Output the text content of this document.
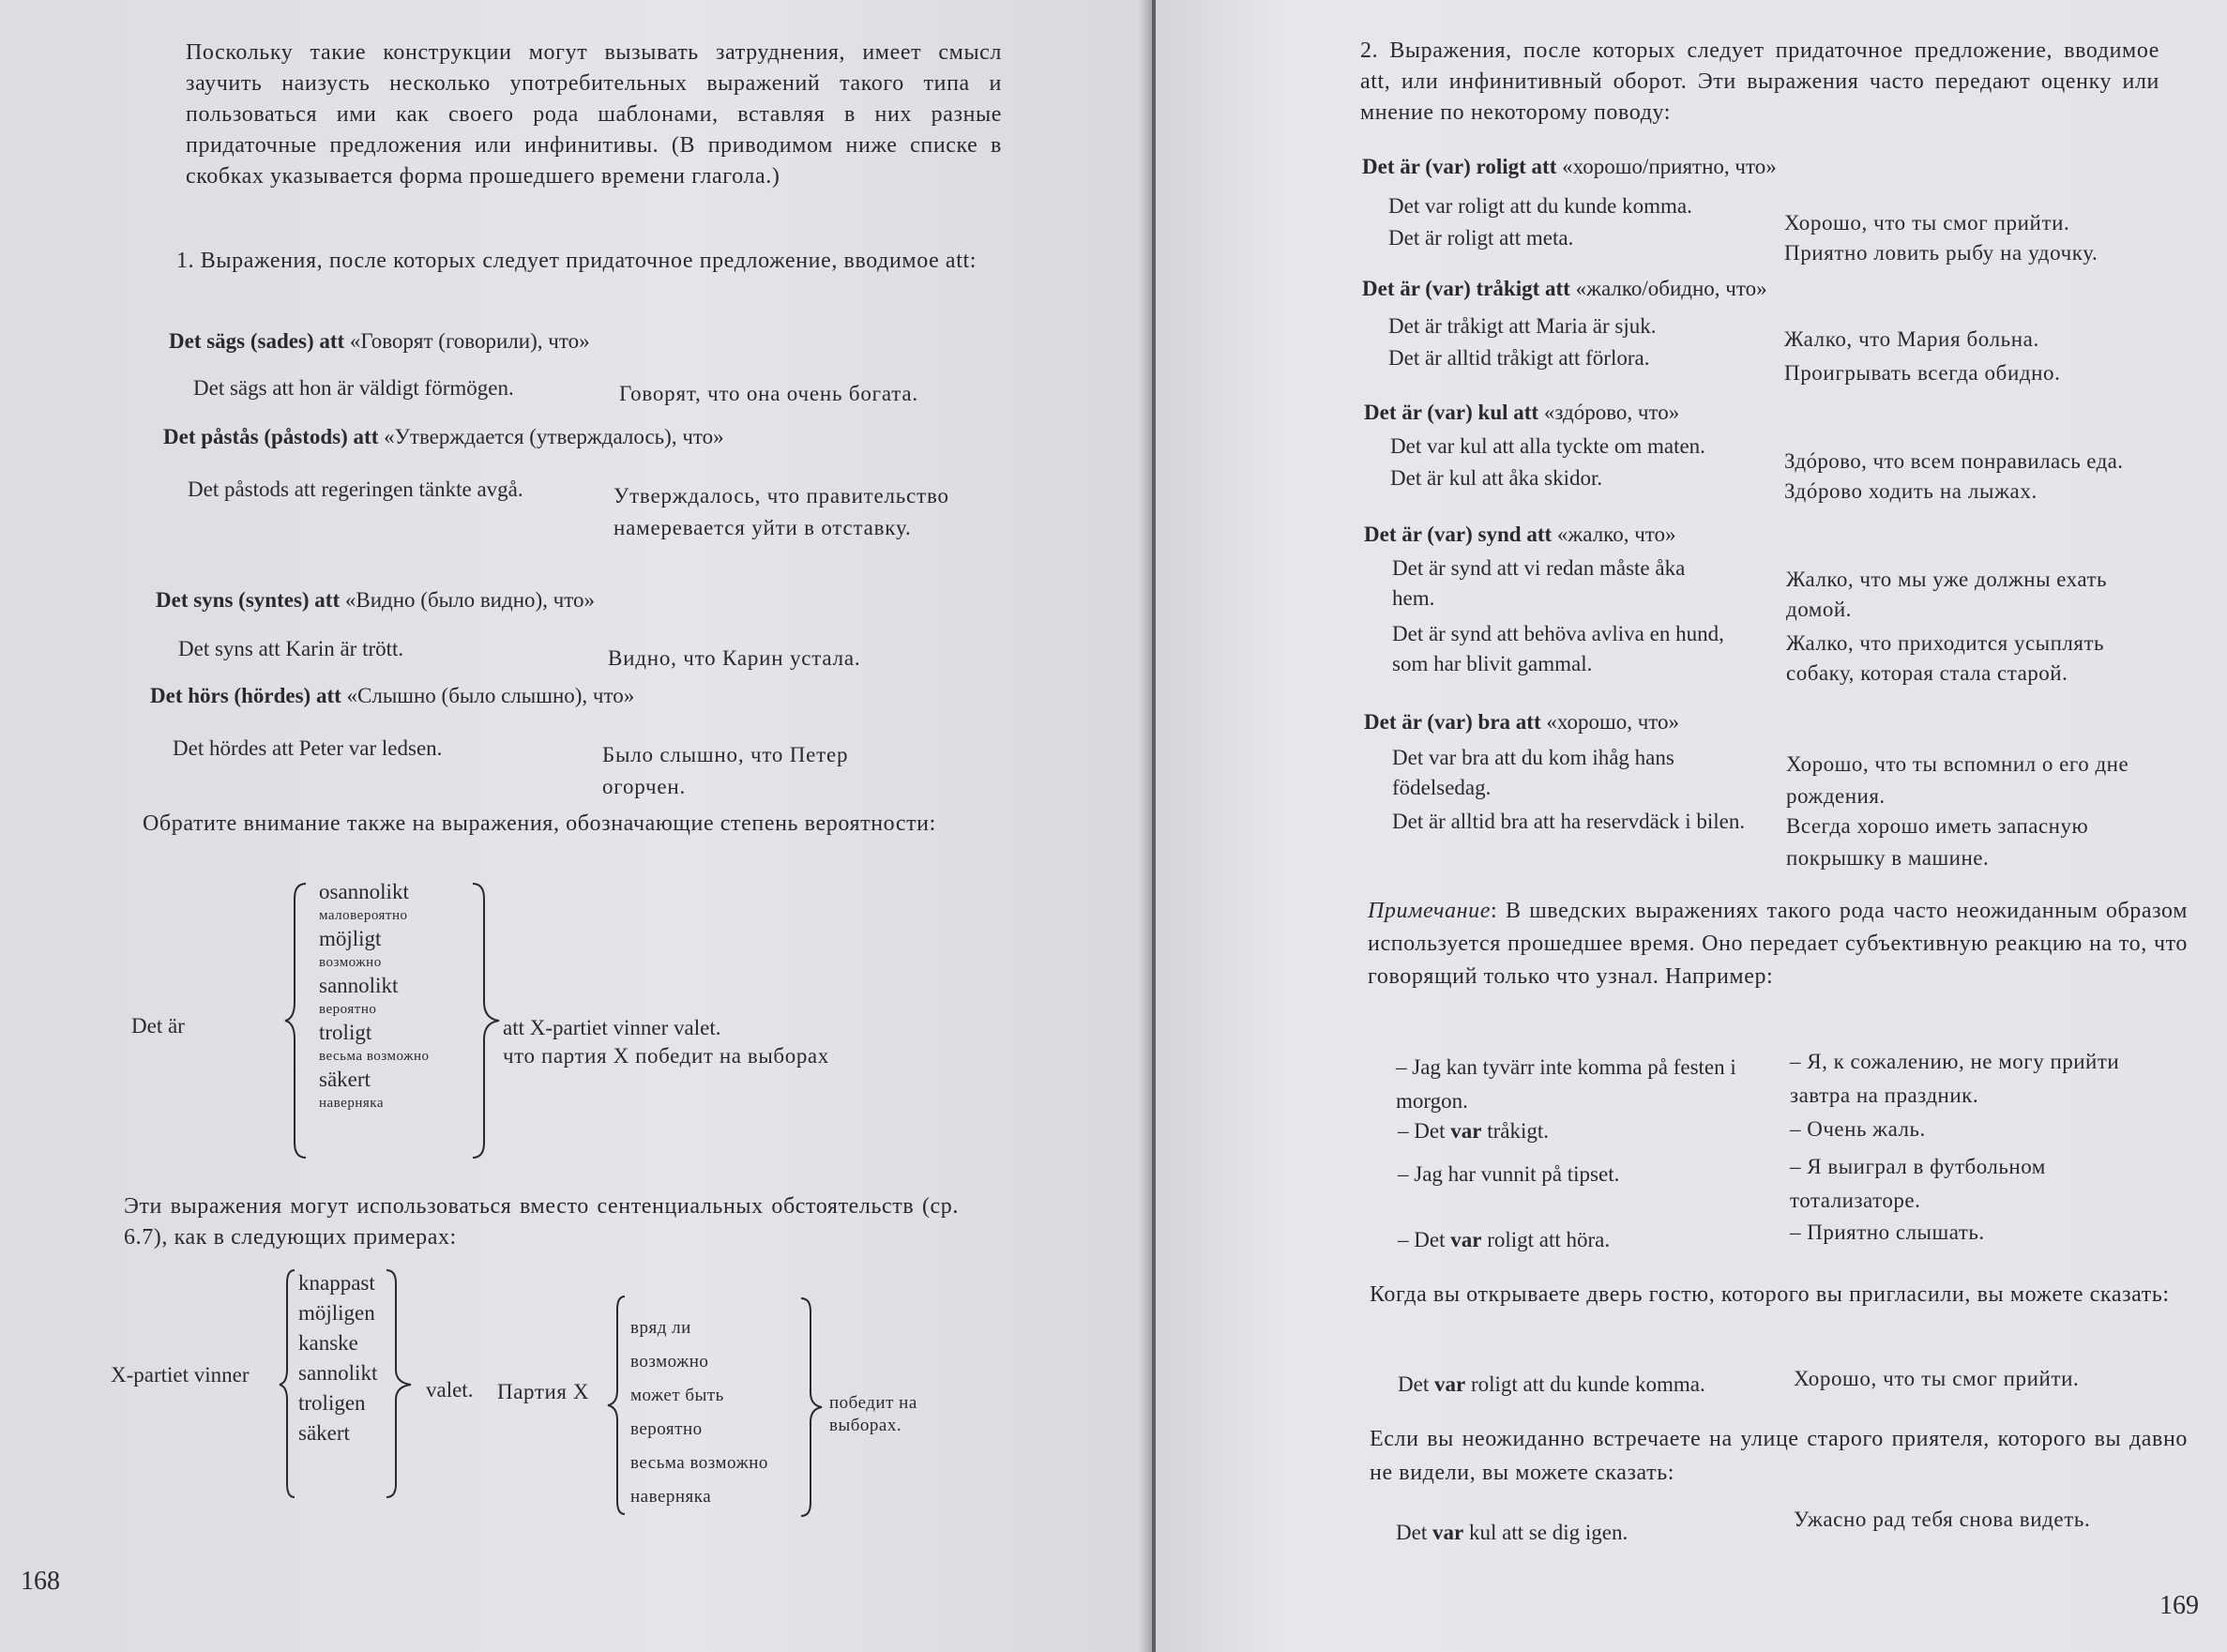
Поскольку такие конструкции могут вызывать затруднения, имеет смысл заучить наизусть несколько употребительных выражений такого типа и пользоваться ими как своего рода шаблонами, вставляя в них разные придаточные предложения или инфинитивы. (В приводимом ниже списке в скобках указывается форма прошедшего времени глагола.)
1. Выражения, после которых следует придаточное предложение, вводимое att:
Det sägs (sades) att «Говорят (говорили), что»
Det sägs att hon är väldigt förmögen.	Говорят, что она очень богата.
Det påstås (påstods) att «Утверждается (утверждалось), что»
Det påstods att regeringen tänkte avgå.	Утверждалось, что правительство намеревается уйти в отставку.
Det syns (syntes) att «Видно (было видно), что»
Det syns att Karin är trött.	Видно, что Карин устала.
Det hörs (hördes) att «Слышно (было слышно), что»
Det hördes att Peter var ledsen.	Было слышно, что Петер огорчен.
Обратите внимание также на выражения, обозначающие степень вероятности:
Det är
osannolikt
маловероятно
möjligt
возможно
sannolikt
вероятно
troligt
весьма возможно
säkert
наверняка
att X-partiet vinner valet.
что партия X победит на выборах
Эти выражения могут использоваться вместо сентенциальных обстоятельств (ср. 6.7), как в следующих примерах:
X-partiet vinner
knappast
möjligen
kanske
sannolikt
troligen
säkert
valet. Партия X
вряд ли
возможно
может быть
вероятно
весьма возможно
наверняка
победит на выборах.
168
2. Выражения, после которых следует придаточное предложение, вводимое att, или инфинитивный оборот. Эти выражения часто передают оценку или мнение по некоторому поводу:
Det är (var) roligt att «хорошо/приятно, что»
Det var roligt att du kunde komma.
Хорошо, что ты смог прийти.
Det är roligt att meta.
Приятно ловить рыбу на удочку.
Det är (var) tråkigt att «жалко/обидно, что»
Det är tråkigt att Maria är sjuk.
Жалко, что Мария больна.
Det är alltid tråkigt att förlora.
Проигрывать всегда обидно.
Det är (var) kul att «здóрово, что»
Det var kul att alla tyckte om maten.
Здóрово, что всем понравилась еда.
Det är kul att åka skidor.
Здóрово ходить на лыжах.
Det är (var) synd att «жалко, что»
Det är synd att vi redan måste åka hem.
Жалко, что мы уже должны ехать домой.
Det är synd att behöva avliva en hund, som har blivit gammal.
Жалко, что приходится усыплять собаку, которая стала старой.
Det är (var) bra att «хорошо, что»
Det var bra att du kom ihåg hans födelsedag.
Хорошо, что ты вспомнил о его дне рождения.
Det är alltid bra att ha reservdäck i bilen. Всегда хорошо иметь запасную покрышку в машине.
Примечание: В шведских выражениях такого рода часто неожиданным образом используется прошедшее время. Оно передает субъективную реакцию на то, что говорящий только что узнал. Например:
– Jag kan tyvärr inte komma på festen i morgon.
– Я, к сожалению, не могу прийти завтра на праздник.
– Det var tråkigt.	– Очень жаль.
– Jag har vunnit på tipset.	– Я выиграл в футбольном тотализаторе.
– Det var roligt att höra.	– Приятно слышать.
Когда вы открываете дверь гостю, которого вы пригласили, вы можете сказать:
Det var roligt att du kunde komma.	Хорошо, что ты смог прийти.
Если вы неожиданно встречаете на улице старого приятеля, которого вы давно не видели, вы можете сказать:
Det var kul att se dig igen.
Ужасно рад тебя снова видеть.
169
